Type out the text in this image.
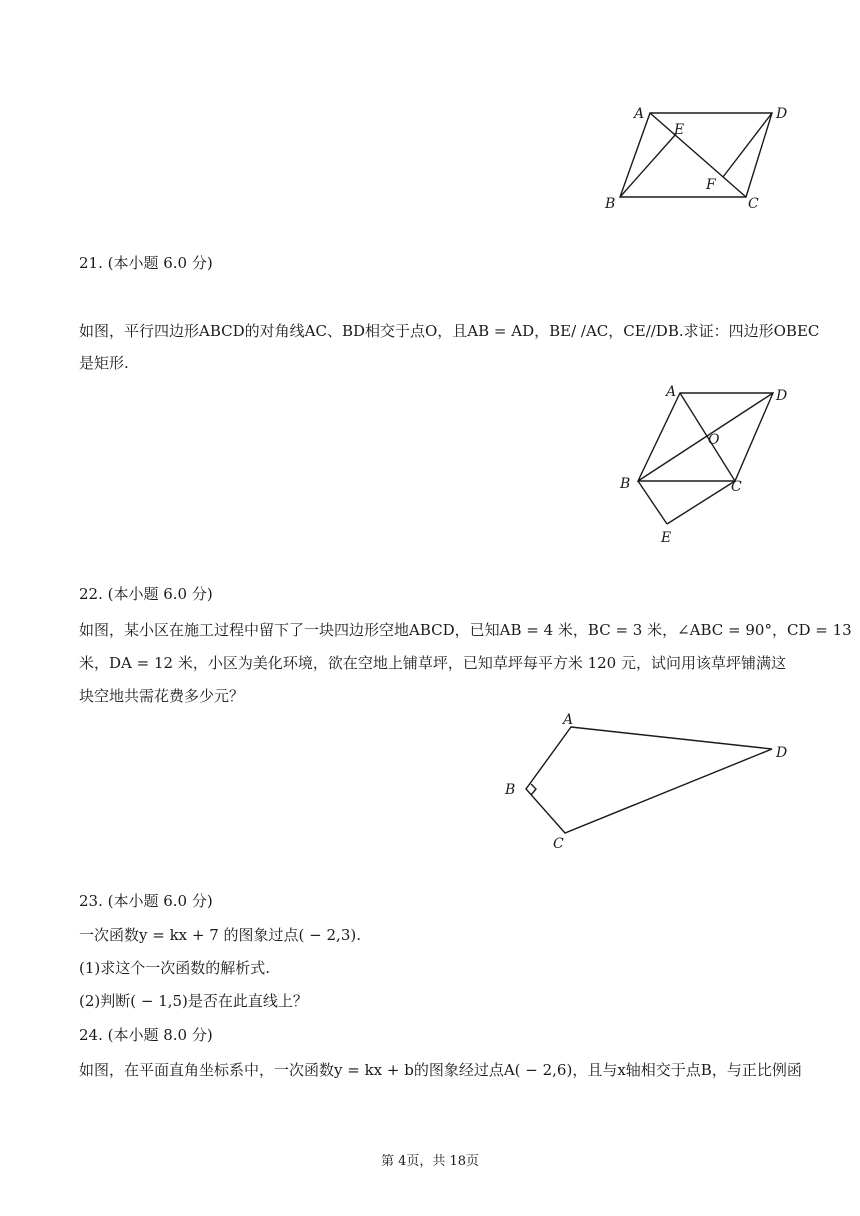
A	D
E
F
B	C
21. (本小题 6.0 分)
如图，平行四边形ABCD的对角线AC、BD相交于点O，且AB = AD，BE/ /AC，CE//DB.求证：四边形OBEC
是矩形.
A	D
O
B	C
E
22. (本小题 6.0 分)
如图，某小区在施工过程中留下了一块四边形空地ABCD，已知AB = 4 米，BC = 3 米，∠ABC = 90°，CD = 13
米，DA = 12 米，小区为美化环境，欲在空地上铺草坪，已知草坪每平方米 120 元，试问用该草坪铺满这
块空地共需花费多少元？
A
D
B
C
23. (本小题 6.0 分)
一次函数y = kx + 7 的图象过点( − 2,3).
(1)求这个一次函数的解析式.
(2)判断( − 1,5)是否在此直线上？
24. (本小题 8.0 分)
如图，在平面直角坐标系中，一次函数y = kx + b的图象经过点A( − 2,6)，且与x轴相交于点B，与正比例函
第 4页，共 18页
